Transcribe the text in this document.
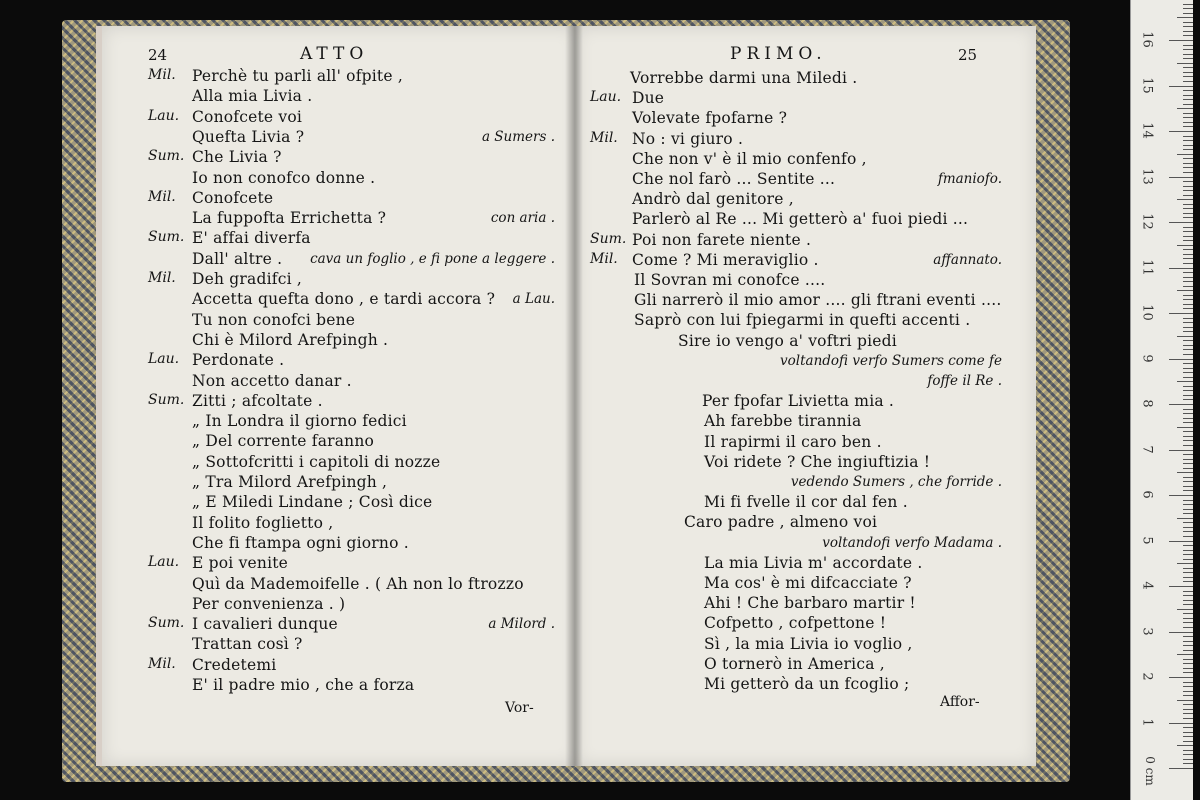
Mil. Perchè tu parli all' ofpite ,
Alla mia Livia .
Lau. Conofcete voi
Quefta Livia ?	a Sumers .
Sum. Che Livia ?
Io non conofco donne .
Mil. Conofcete
La fuppofta Errichetta ?	con aria .
Sum. E' affai diverfa
Dall' altre . cava un foglio , e fi pone a leggere .
Mil. Deh gradifci ,
Accetta quefta dono , e tardi accora ? a Lau.
Tu non conofci bene
Chi è Milord Arefpingh .
Lau. Perdonate .
Non accetto danar .
Sum. Zitti ; afcoltate .
„ In Londra il giorno fedici
„ Del corrente faranno
„ Sottofcritti i capitoli di nozze
„ Tra Milord Arefpingh ,
„ E Miledi Lindane ; Così dice
Il folito foglietto ,
Che fi ftampa ogni giorno .
Lau. E poi venite
Quì da Mademoifelle . ( Ah non lo ftrozzo
Per convenienza . )
Sum. I cavalieri dunque	a Milord .
Trattan così ?
Mil. Credetemi
E' il padre mio , che a forza
Vorrebbe darmi una Miledi .
Lau. Due
Volevate fpofarne ?
Mil. No : vi giuro .
Che non v' è il mio confenfo ,
Che nol farò ... Sentite ...	fmaniofo.
Andrò dal genitore ,
Parlerò al Re ... Mi getterò a' fuoi piedi ...
Sum. Poi non farete niente .
Mil. Come ? Mi meraviglio .	affannato.
Il Sovran mi conofce ....
Gli narrerò il mio amor .... gli ftrani eventi ....
Saprò con lui fpiegarmi in quefti accenti .
Sire io vengo a' voftri piedi
voltandofi verfo Sumers come fe
foffe il Re .
Per fpofar Livietta mia .
Ah farebbe tirannia
Il rapirmi il caro ben .
Voi ridete ? Che ingiuftizia !
vedendo Sumers , che forride .
Mi fi fvelle il cor dal fen .
Caro padre , almeno voi
voltandofi verfo Madama .
La mia Livia m' accordate .
Ma cos' è mi difcacciate ?
Ahi ! Che barbaro martir !
Cofpetto , cofpettone !
Sì , la mia Livia io voglio ,
O tornerò in America ,
Mi getterò da un fcoglio ;
24	ATTO
Vor-
PRIMO.	25
Affor-
0 cm
16
15
14
13
12
11
10
9
8
7
6
5
4
3
2
1
